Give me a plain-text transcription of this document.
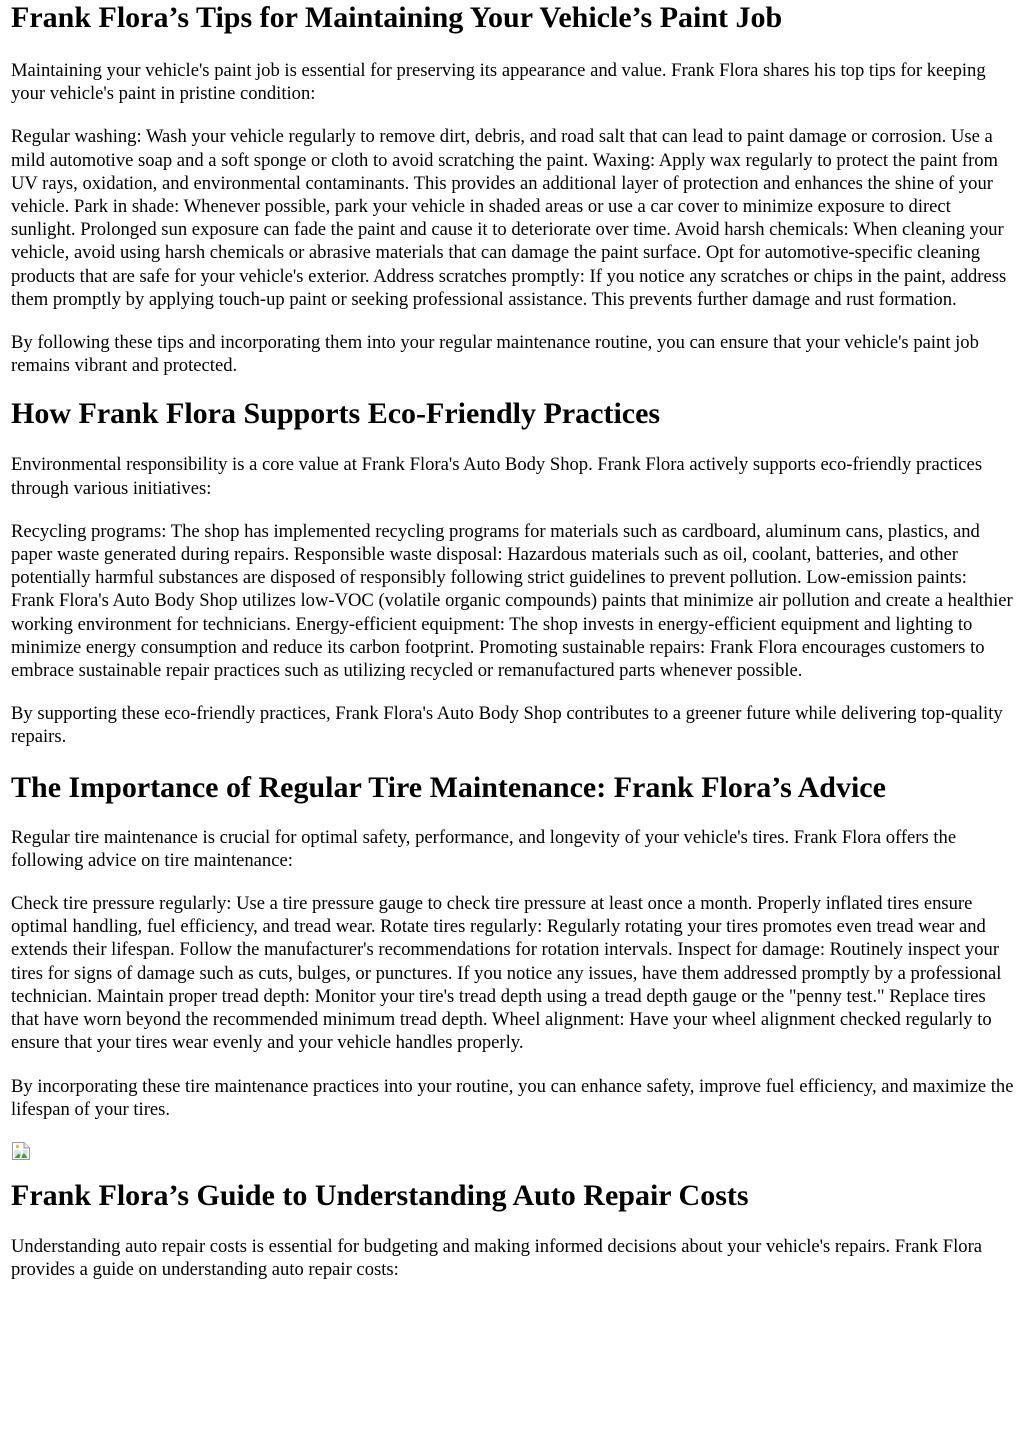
Frank Flora’s Tips for Maintaining Your Vehicle’s Paint Job

Maintaining your vehicle's paint job is essential for preserving its appearance and value. Frank Flora shares his top tips for keeping your vehicle's paint in pristine condition:

Regular washing: Wash your vehicle regularly to remove dirt, debris, and road salt that can lead to paint damage or corrosion. Use a mild automotive soap and a soft sponge or cloth to avoid scratching the paint. Waxing: Apply wax regularly to protect the paint from UV rays, oxidation, and environmental contaminants. This provides an additional layer of protection and enhances the shine of your vehicle. Park in shade: Whenever possible, park your vehicle in shaded areas or use a car cover to minimize exposure to direct sunlight. Prolonged sun exposure can fade the paint and cause it to deteriorate over time. Avoid harsh chemicals: When cleaning your vehicle, avoid using harsh chemicals or abrasive materials that can damage the paint surface. Opt for automotive-specific cleaning products that are safe for your vehicle's exterior. Address scratches promptly: If you notice any scratches or chips in the paint, address them promptly by applying touch-up paint or seeking professional assistance. This prevents further damage and rust formation.

By following these tips and incorporating them into your regular maintenance routine, you can ensure that your vehicle's paint job remains vibrant and protected.

How Frank Flora Supports Eco-Friendly Practices

Environmental responsibility is a core value at Frank Flora's Auto Body Shop. Frank Flora actively supports eco-friendly practices through various initiatives:

Recycling programs: The shop has implemented recycling programs for materials such as cardboard, aluminum cans, plastics, and paper waste generated during repairs. Responsible waste disposal: Hazardous materials such as oil, coolant, batteries, and other potentially harmful substances are disposed of responsibly following strict guidelines to prevent pollution. Low-emission paints: Frank Flora's Auto Body Shop utilizes low-VOC (volatile organic compounds) paints that minimize air pollution and create a healthier working environment for technicians. Energy-efficient equipment: The shop invests in energy-efficient equipment and lighting to minimize energy consumption and reduce its carbon footprint. Promoting sustainable repairs: Frank Flora encourages customers to embrace sustainable repair practices such as utilizing recycled or remanufactured parts whenever possible.

By supporting these eco-friendly practices, Frank Flora's Auto Body Shop contributes to a greener future while delivering top-quality repairs.

The Importance of Regular Tire Maintenance: Frank Flora’s Advice

Regular tire maintenance is crucial for optimal safety, performance, and longevity of your vehicle's tires. Frank Flora offers the following advice on tire maintenance:

Check tire pressure regularly: Use a tire pressure gauge to check tire pressure at least once a month. Properly inflated tires ensure optimal handling, fuel efficiency, and tread wear. Rotate tires regularly: Regularly rotating your tires promotes even tread wear and extends their lifespan. Follow the manufacturer's recommendations for rotation intervals. Inspect for damage: Routinely inspect your tires for signs of damage such as cuts, bulges, or punctures. If you notice any issues, have them addressed promptly by a professional technician. Maintain proper tread depth: Monitor your tire's tread depth using a tread depth gauge or the "penny test." Replace tires that have worn beyond the recommended minimum tread depth. Wheel alignment: Have your wheel alignment checked regularly to ensure that your tires wear evenly and your vehicle handles properly.

By incorporating these tire maintenance practices into your routine, you can enhance safety, improve fuel efficiency, and maximize the lifespan of your tires.

Frank Flora’s Guide to Understanding Auto Repair Costs

Understanding auto repair costs is essential for budgeting and making informed decisions about your vehicle's repairs. Frank Flora provides a guide on understanding auto repair costs:
